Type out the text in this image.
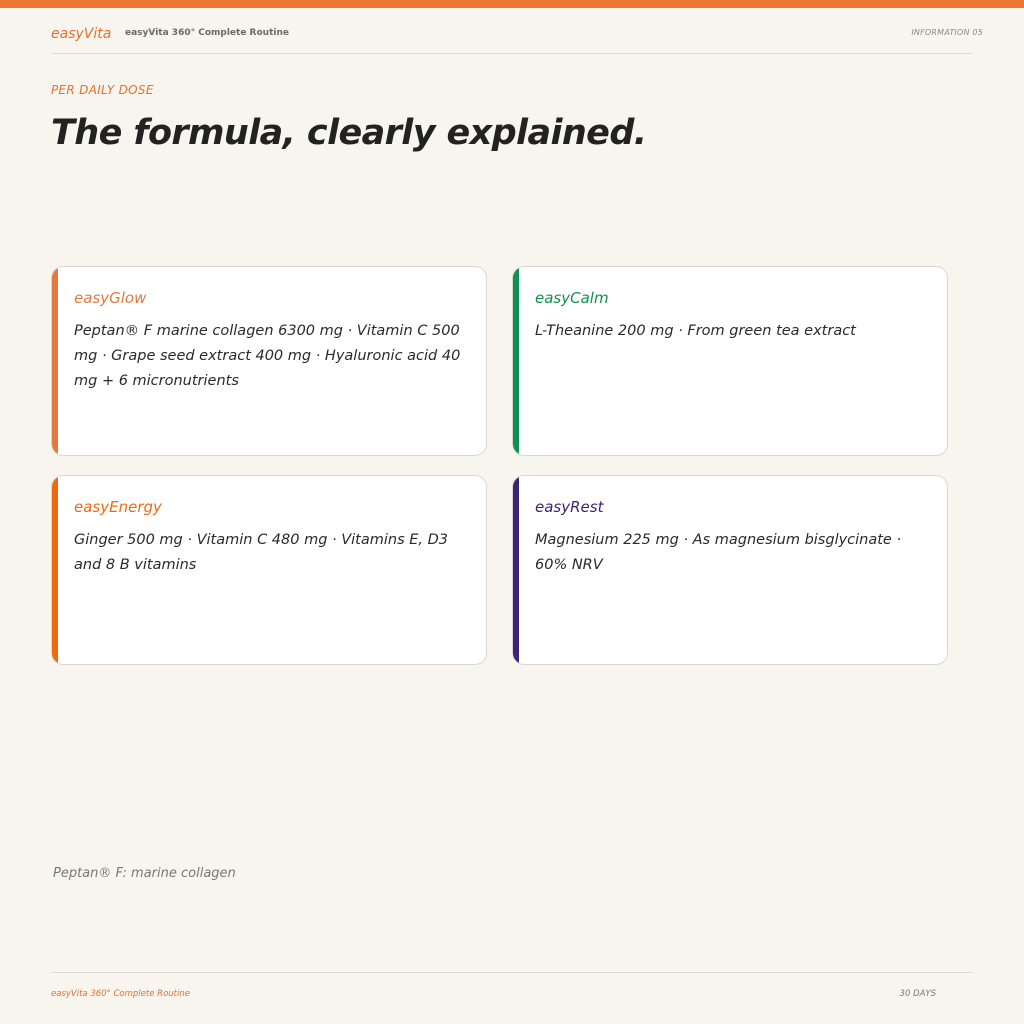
easyVita easyVita 360° Complete Routine	INFORMATION 05
PER DAILY DOSE
The formula, clearly explained.
easyGlow
Peptan® F marine collagen 6300 mg · Vitamin C 500 mg · Grape seed extract 400 mg · Hyaluronic acid 40 mg + 6 micronutrients
easyCalm
L-Theanine 200 mg · From green tea extract
easyEnergy
Ginger 500 mg · Vitamin C 480 mg · Vitamins E, D3 and 8 B vitamins
easyRest
Magnesium 225 mg · As magnesium bisglycinate · 60% NRV
Peptan® F: marine collagen
easyVita 360° Complete Routine	30 DAYS
